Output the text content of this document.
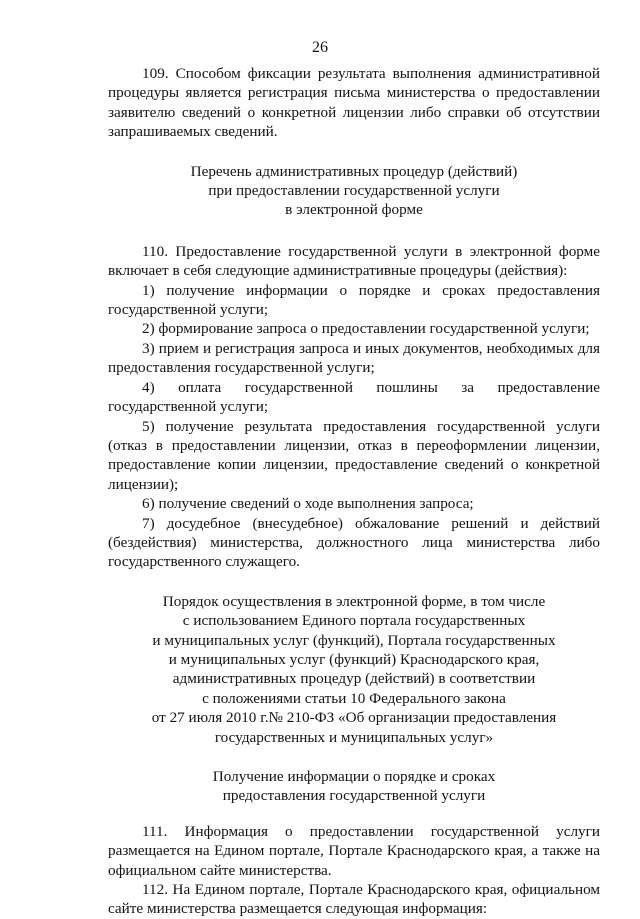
26

109. Способом фиксации результата выполнения административной процедуры является регистрация письма министерства о предоставлении заявителю сведений о конкретной лицензии либо справки об отсутствии запрашиваемых сведений.

Перечень административных процедур (действий)
при предоставлении государственной услуги
в электронной форме

110. Предоставление государственной услуги в электронной форме включает в себя следующие административные процедуры (действия):

1) получение информации о порядке и сроках предоставления государственной услуги;

2) формирование запроса о предоставлении государственной услуги;

3) прием и регистрация запроса и иных документов, необходимых для предоставления государственной услуги;

4) оплата государственной пошлины за предоставление государственной услуги;

5) получение результата предоставления государственной услуги (отказ в предоставлении лицензии, отказ в переоформлении лицензии, предоставление копии лицензии, предоставление сведений о конкретной лицензии);

6) получение сведений о ходе выполнения запроса;

7) досудебное (внесудебное) обжалование решений и действий (бездействия) министерства, должностного лица министерства либо государственного служащего.

Порядок осуществления в электронной форме, в том числе
с использованием Единого портала государственных
и муниципальных услуг (функций), Портала государственных
и муниципальных услуг (функций) Краснодарского края,
административных процедур (действий) в соответствии
с положениями статьи 10 Федерального закона
от 27 июля 2010 г.№ 210-ФЗ «Об организации предоставления
государственных и муниципальных услуг»
Получение информации о порядке и сроках
предоставления государственной услуги

111. Информация о предоставлении государственной услуги размещается на Едином портале, Портале Краснодарского края, а также на официальном сайте министерства.

112. На Едином портале, Портале Краснодарского края, официальном сайте министерства размещается следующая информация:
